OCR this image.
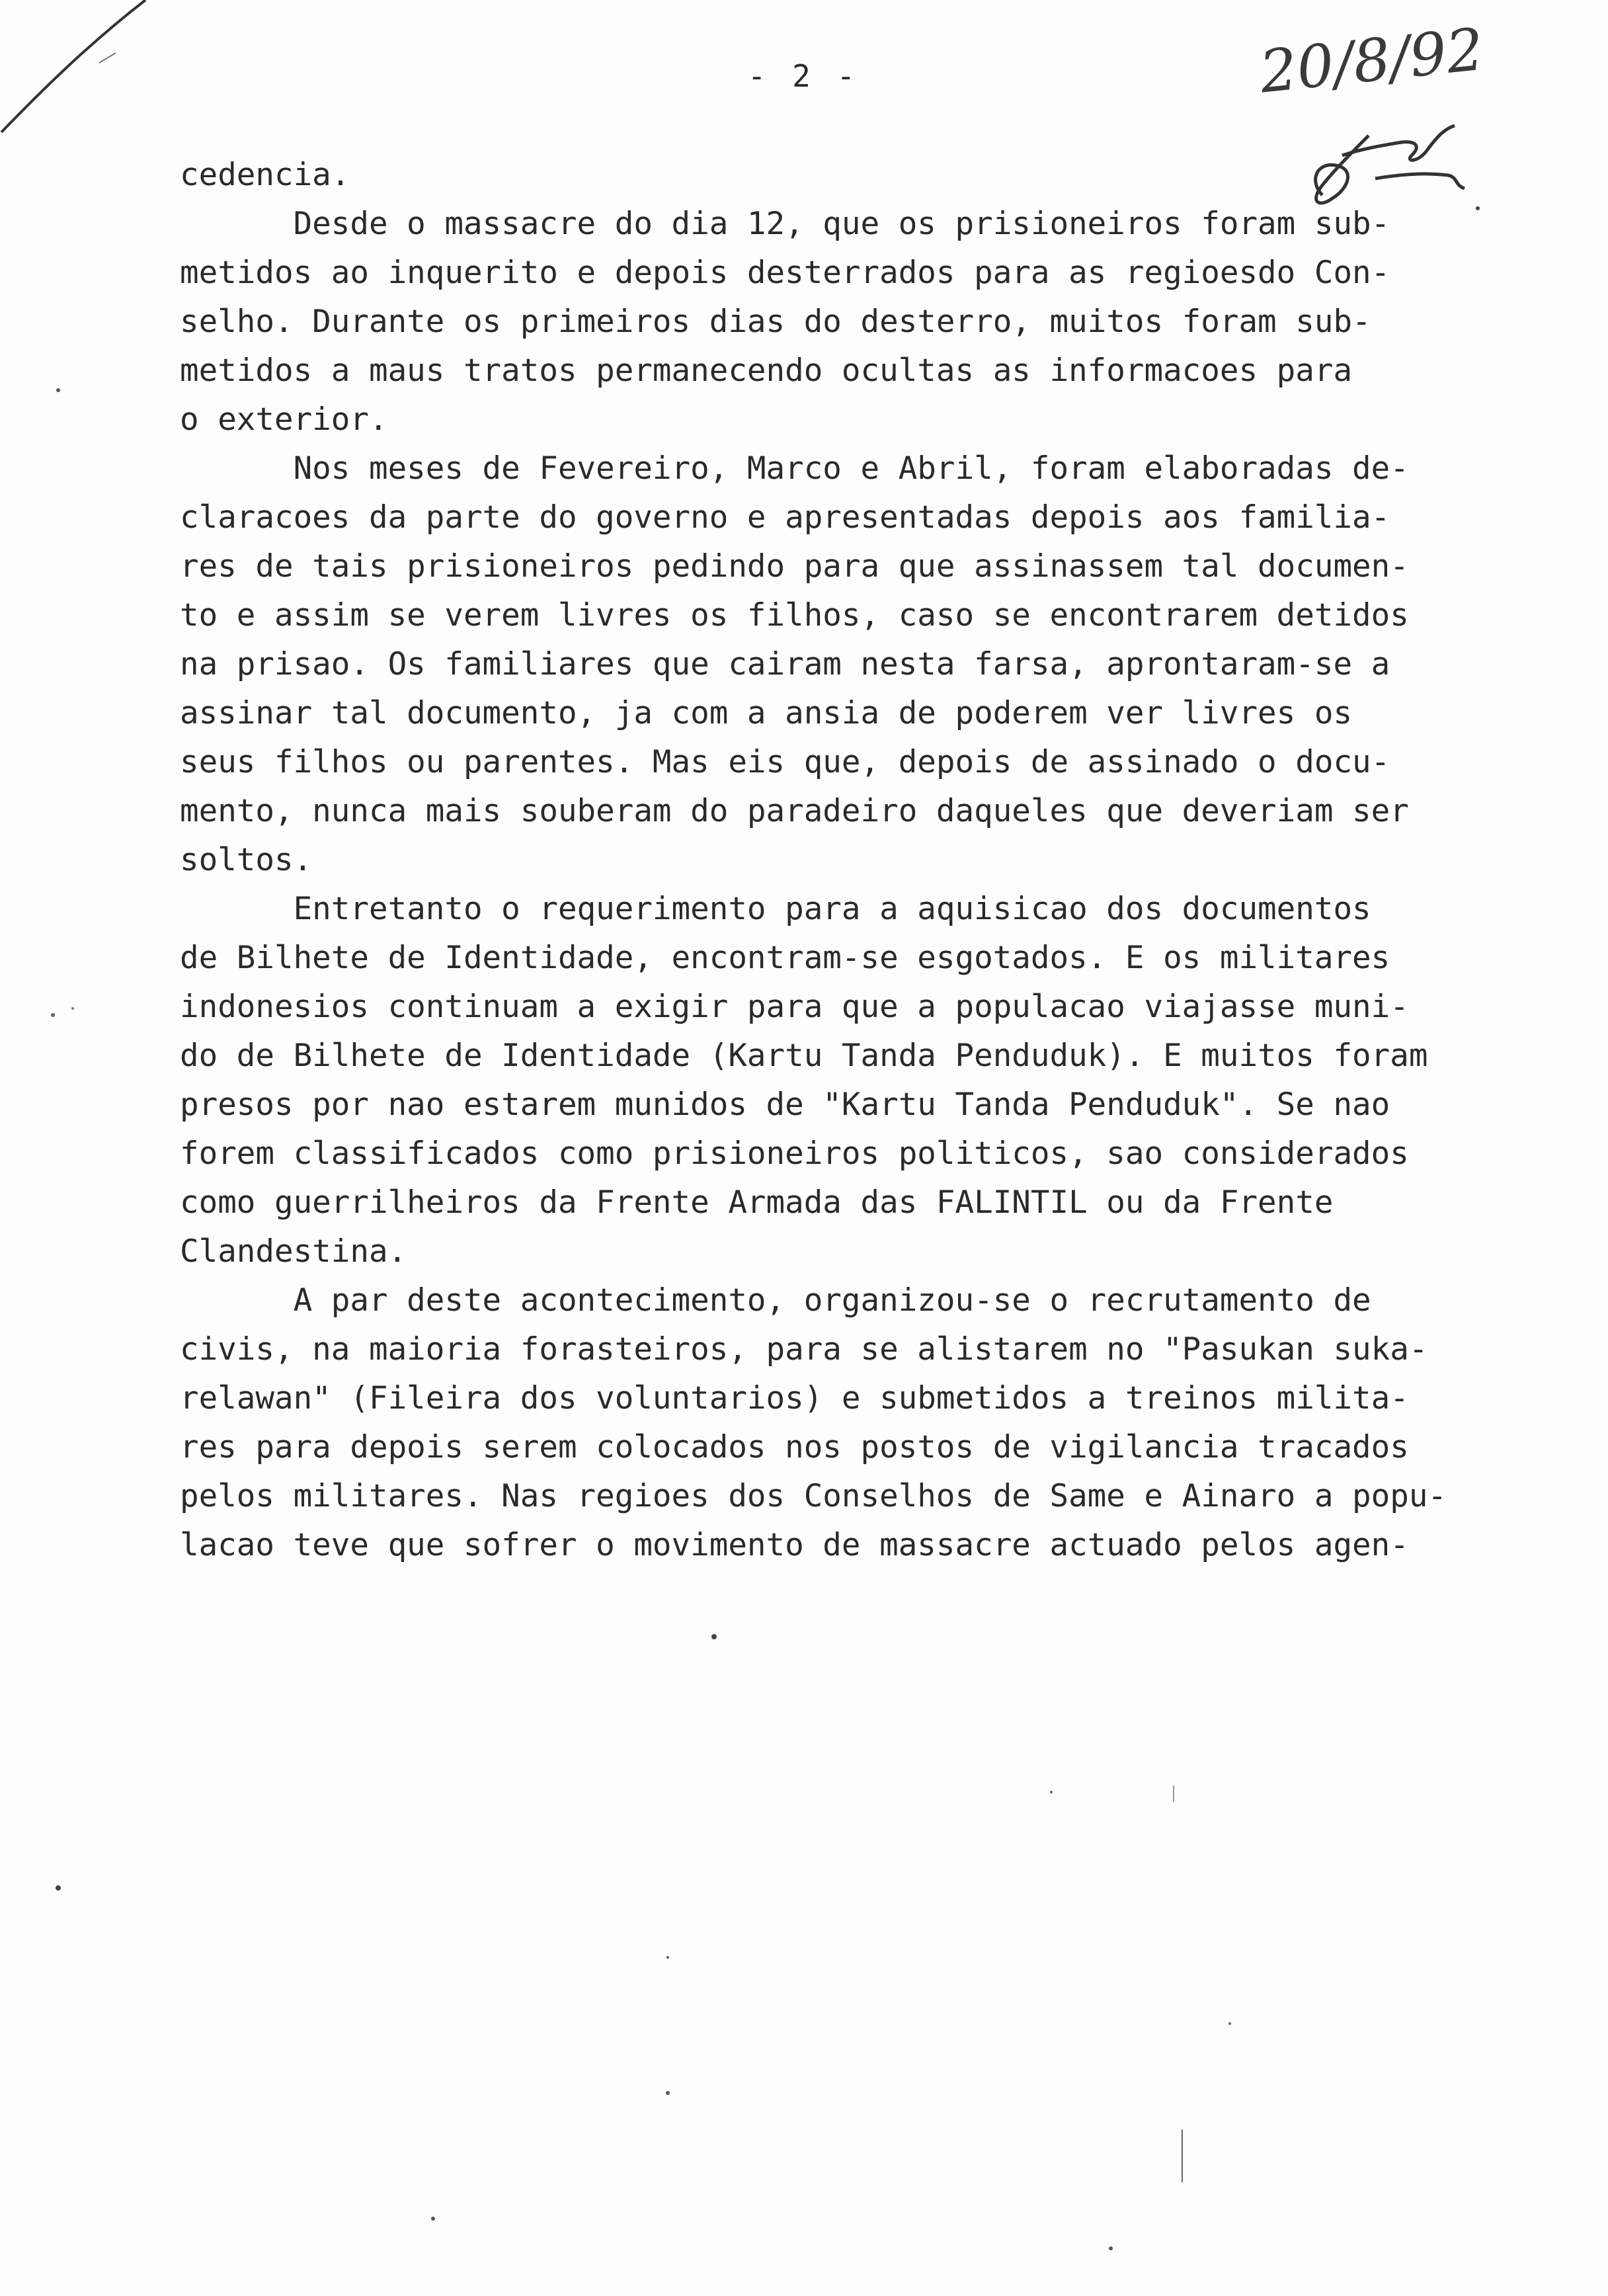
- 2 -	20/8/92
cedencia.
Desde o massacre do dia 12, que os prisioneiros foram sub-
metidos ao inquerito e depois desterrados para as regioesdo Con-
selho. Durante os primeiros dias do desterro, muitos foram sub-
metidos a maus tratos permanecendo ocultas as informacoes para
o exterior.
Nos meses de Fevereiro, Marco e Abril, foram elaboradas de-
claracoes da parte do governo e apresentadas depois aos familia-
res de tais prisioneiros pedindo para que assinassem tal documen-
to e assim se verem livres os filhos, caso se encontrarem detidos
na prisao. Os familiares que cairam nesta farsa, aprontaram-se a
assinar tal documento, ja com a ansia de poderem ver livres os
seus filhos ou parentes. Mas eis que, depois de assinado o docu-
mento, nunca mais souberam do paradeiro daqueles que deveriam ser
soltos.
Entretanto o requerimento para a aquisicao dos documentos
de Bilhete de Identidade, encontram-se esgotados. E os militares
indonesios continuam a exigir para que a populacao viajasse muni-
do de Bilhete de Identidade (Kartu Tanda Penduduk). E muitos foram
presos por nao estarem munidos de "Kartu Tanda Penduduk". Se nao
forem classificados como prisioneiros politicos, sao considerados
como guerrilheiros da Frente Armada das FALINTIL ou da Frente
Clandestina.
A par deste acontecimento, organizou-se o recrutamento de
civis, na maioria forasteiros, para se alistarem no "Pasukan suka-
relawan" (Fileira dos voluntarios) e submetidos a treinos milita-
res para depois serem colocados nos postos de vigilancia tracados
pelos militares. Nas regioes dos Conselhos de Same e Ainaro a popu-
lacao teve que sofrer o movimento de massacre actuado pelos agen-
